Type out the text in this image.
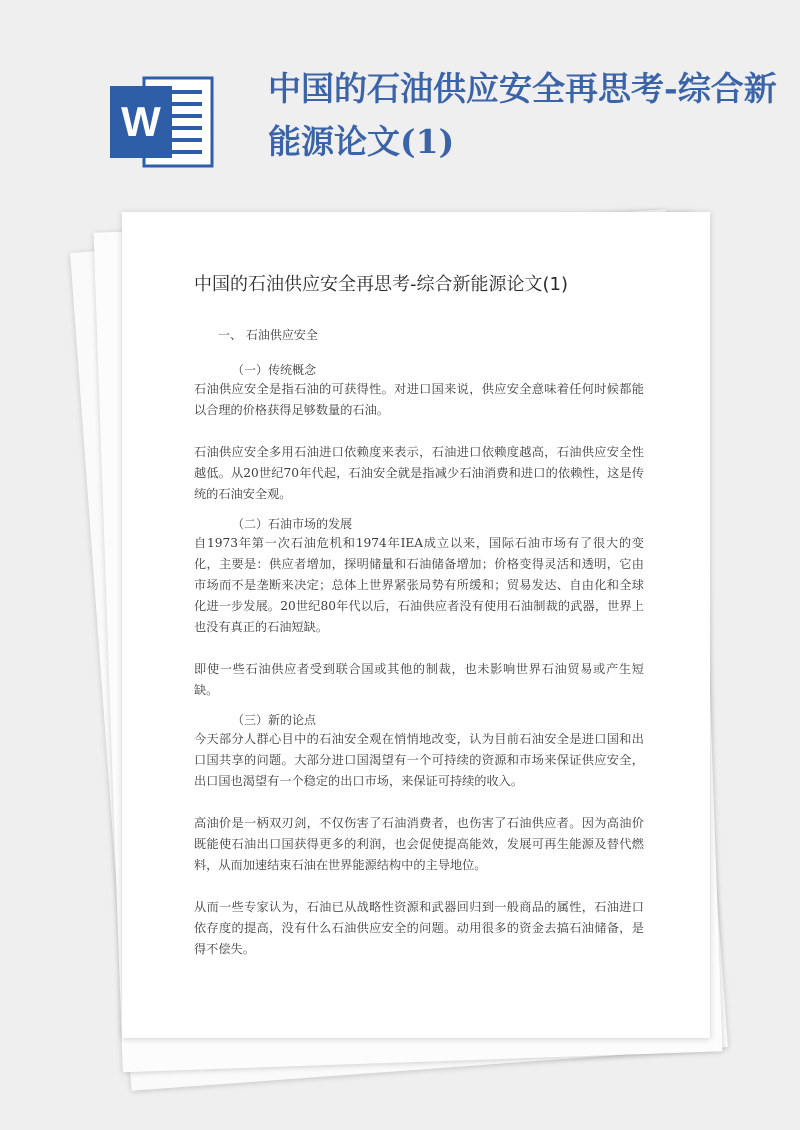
W
中国的石油供应安全再思考-综合新能源论文(1)
中国的石油供应安全再思考-综合新能源论文(1)
一、 石油供应安全
（一）传统概念

石油供应安全是指石油的可获得性。对进口国来说，供应安全意味着任何时候都能以合理的价格获得足够数量的石油。

石油供应安全多用石油进口依赖度来表示，石油进口依赖度越高，石油供应安全性越低。从20世纪70年代起，石油安全就是指减少石油消费和进口的依赖性，这是传统的石油安全观。

（二）石油市场的发展

自1973年第一次石油危机和1974年IEA成立以来，国际石油市场有了很大的变化，主要是：供应者增加，探明储量和石油储备增加；价格变得灵活和透明，它由市场而不是垄断来决定；总体上世界紧张局势有所缓和；贸易发达、自由化和全球化进一步发展。20世纪80年代以后，石油供应者没有使用石油制裁的武器，世界上也没有真正的石油短缺。

即使一些石油供应者受到联合国或其他的制裁，也未影响世界石油贸易或产生短缺。

（三）新的论点

今天部分人群心目中的石油安全观在悄悄地改变，认为目前石油安全是进口国和出口国共享的问题。大部分进口国渴望有一个可持续的资源和市场来保证供应安全，出口国也渴望有一个稳定的出口市场，来保证可持续的收入。

高油价是一柄双刃剑，不仅伤害了石油消费者，也伤害了石油供应者。因为高油价既能使石油出口国获得更多的利润，也会促使提高能效，发展可再生能源及替代燃料，从而加速结束石油在世界能源结构中的主导地位。

从而一些专家认为，石油已从战略性资源和武器回归到一般商品的属性，石油进口依存度的提高，没有什么石油供应安全的问题。动用很多的资金去搞石油储备，是得不偿失。
